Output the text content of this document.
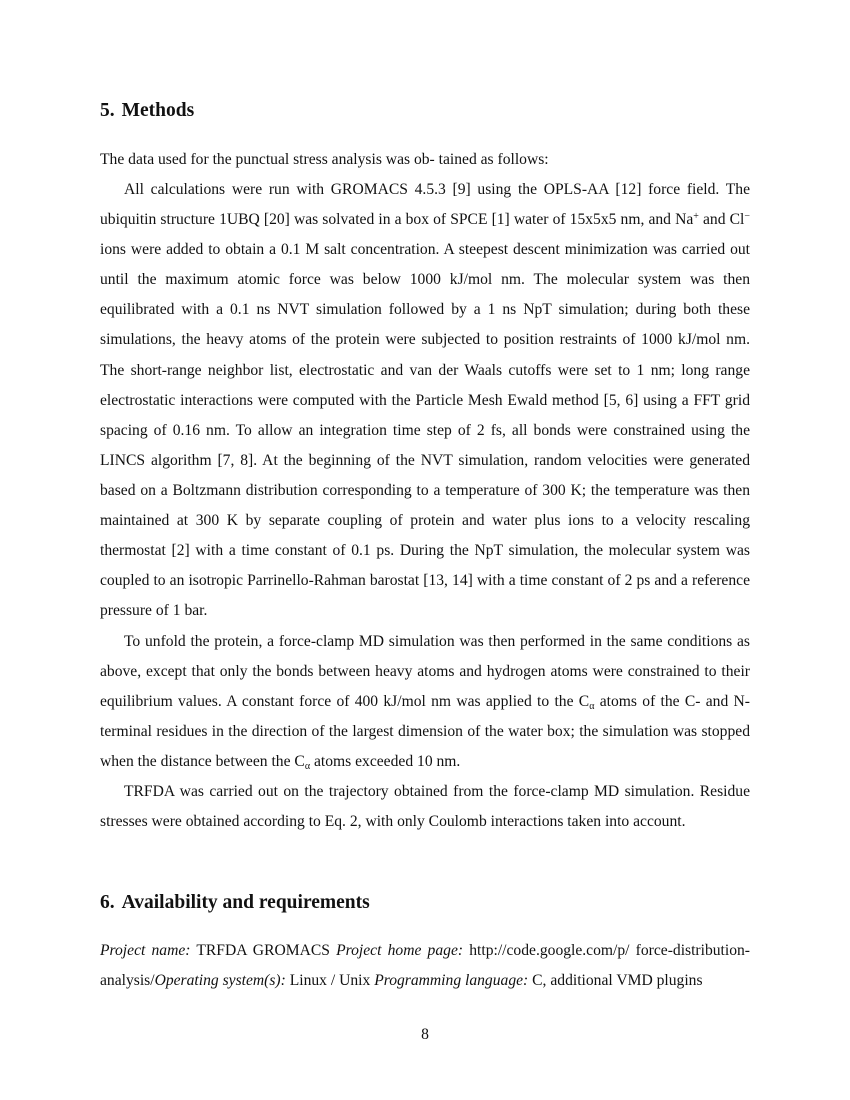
5. Methods

The data used for the punctual stress analysis was ob- tained as follows:

All calculations were run with GROMACS 4.5.3 [9] using the OPLS-AA [12] force field. The ubiquitin structure 1UBQ [20] was solvated in a box of SPCE [1] water of 15x5x5 nm, and Na+ and Cl− ions were added to obtain a 0.1 M salt concentration. A steepest descent minimization was carried out until the maximum atomic force was below 1000 kJ/mol nm. The molecular system was then equilibrated with a 0.1 ns NVT simulation followed by a 1 ns NpT simulation; during both these simulations, the heavy atoms of the protein were subjected to position restraints of 1000 kJ/mol nm. The short-range neighbor list, electrostatic and van der Waals cutoffs were set to 1 nm; long range electrostatic interactions were computed with the Particle Mesh Ewald method [5, 6] using a FFT grid spacing of 0.16 nm. To allow an integration time step of 2 fs, all bonds were constrained using the LINCS algorithm [7, 8]. At the beginning of the NVT simulation, random velocities were generated based on a Boltzmann distribution corresponding to a temperature of 300 K; the temperature was then maintained at 300 K by separate coupling of protein and water plus ions to a velocity rescaling thermostat [2] with a time constant of 0.1 ps. During the NpT simulation, the molecular system was coupled to an isotropic Parrinello-Rahman barostat [13, 14] with a time constant of 2 ps and a reference pressure of 1 bar.

To unfold the protein, a force-clamp MD simulation was then performed in the same conditions as above, except that only the bonds between heavy atoms and hydrogen atoms were constrained to their equilibrium values. A constant force of 400 kJ/mol nm was applied to the $C_\alpha$ atoms of the C- and N-terminal residues in the direction of the largest dimension of the water box; the simulation was stopped when the distance between the $C_\alpha$ atoms exceeded 10 nm.

TRFDA was carried out on the trajectory obtained from the force-clamp MD simulation. Residue stresses were obtained according to Eq. 2, with only Coulomb interactions taken into account.

6. Availability and requirements

Project name: TRFDA GROMACS Project home page: http://code.google.com/p/ force-distribution-analysis/Operating system(s): Linux / Unix Programming language: C, additional VMD plugins

8
